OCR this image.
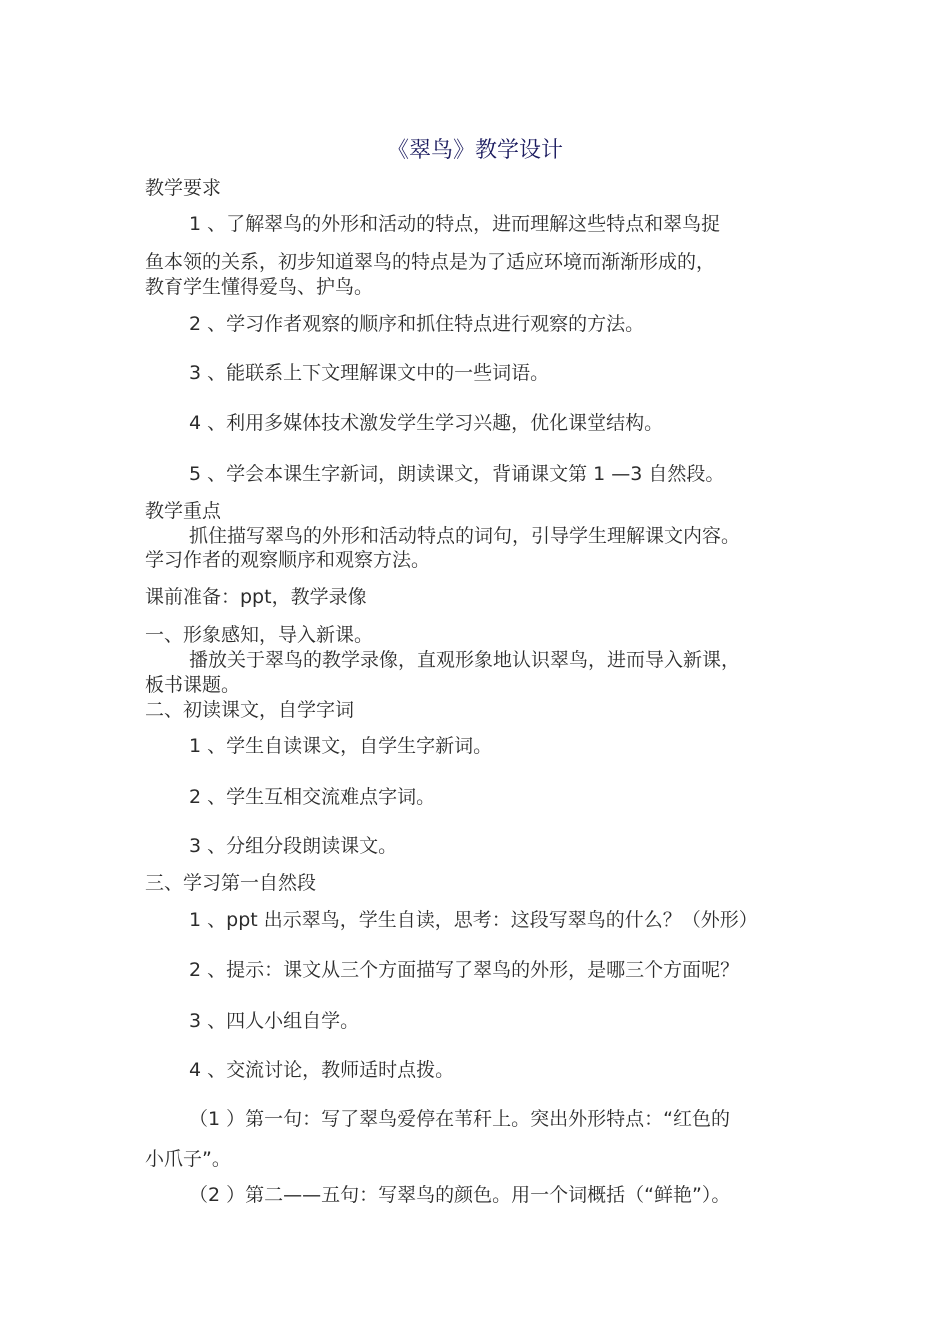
《翠鸟》教学设计
教学要求
1 、了解翠鸟的外形和活动的特点，进而理解这些特点和翠鸟捉
鱼本领的关系，初步知道翠鸟的特点是为了适应环境而渐渐形成的，
教育学生懂得爱鸟、护鸟。
2 、学习作者观察的顺序和抓住特点进行观察的方法。
3 、能联系上下文理解课文中的一些词语。
4 、利用多媒体技术激发学生学习兴趣，优化课堂结构。
5 、学会本课生字新词，朗读课文，背诵课文第 1 —3 自然段。
教学重点
抓住描写翠鸟的外形和活动特点的词句，引导学生理解课文内容。
学习作者的观察顺序和观察方法。
课前准备：ppt，教学录像
一、形象感知，导入新课。
播放关于翠鸟的教学录像，直观形象地认识翠鸟，进而导入新课，
板书课题。
二、初读课文，自学字词
1 、学生自读课文，自学生字新词。
2 、学生互相交流难点字词。
3 、分组分段朗读课文。
三、学习第一自然段
1 、ppt 出示翠鸟，学生自读，思考：这段写翠鸟的什么？（外形）
2 、提示：课文从三个方面描写了翠鸟的外形，是哪三个方面呢？
3 、四人小组自学。
4 、交流讨论，教师适时点拨。
（1 ）第一句：写了翠鸟爱停在苇秆上。突出外形特点：“红色的
小爪子”。
（2 ）第二——五句：写翠鸟的颜色。用一个词概括（“鲜艳”）。
